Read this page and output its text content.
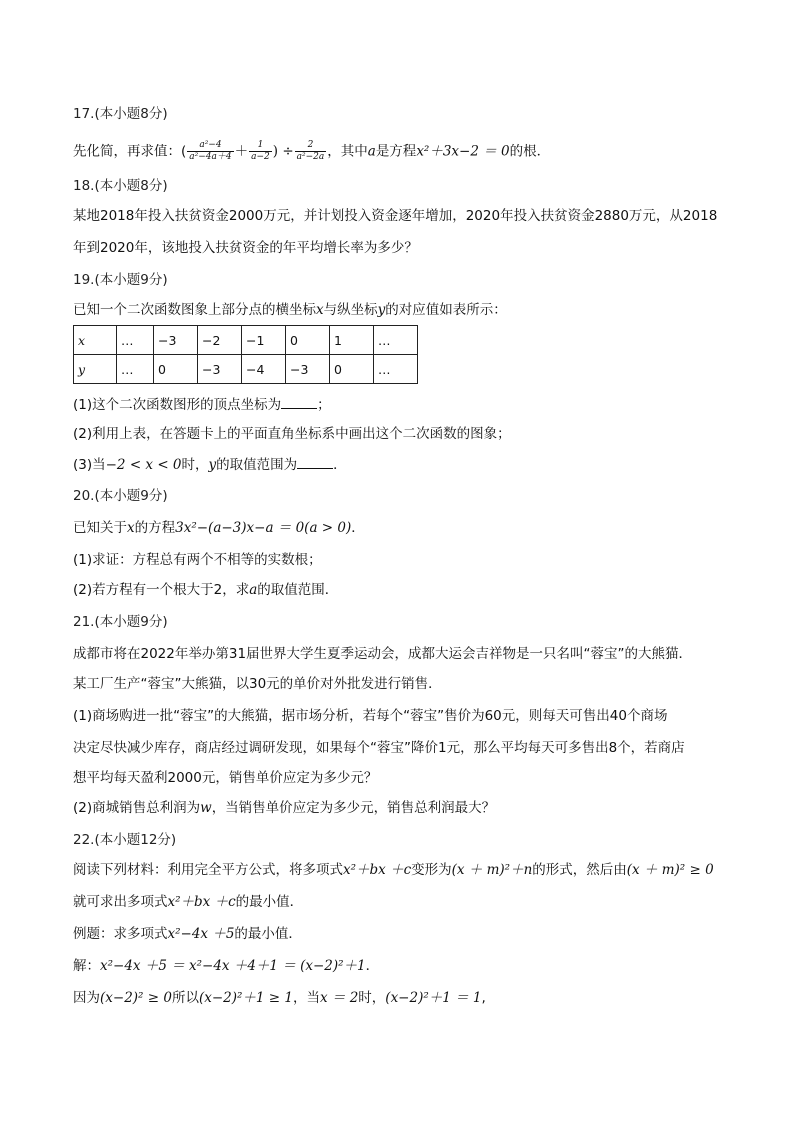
17.(本小题8分)
先化简，再求值：( $\frac{\text{a²−4}}{\text{a²−4a＋4}} + \frac{1}{a-2}$ ) ÷ $\frac{2}{\text{a²−2a}}$ ，其中a是方程x²＋3x−2 ＝ 0的根．
18.(本小题8分)
某地2018年投入扶贫资金2000万元，并计划投入资金逐年增加，2020年投入扶贫资金2880万元，从2018
年到2020年，该地投入扶贫资金的年平均增长率为多少？
19.(本小题9分)
已知一个二次函数图象上部分点的横坐标x与纵坐标y的对应值如表所示：
x	…	−3	−2	−1	0	1	…
y	…	0	−3	−4	−3	0	…
(1)这个二次函数图形的顶点坐标为	；
(2)利用上表，在答题卡上的平面直角坐标系中画出这个二次函数的图象；
(3)当−2 < x < 0时，y的取值范围为	．
20.(本小题9分)
已知关于x的方程3x²−(a−3)x−a ＝ 0(a > 0)．
(1)求证：方程总有两个不相等的实数根；
(2)若方程有一个根大于2，求a的取值范围．
21.(本小题9分)
成都市将在2022年举办第31届世界大学生夏季运动会，成都大运会吉祥物是一只名叫“蓉宝”的大熊猫．
某工厂生产“蓉宝”大熊猫，以30元的单价对外批发进行销售．
(1)商场购进一批“蓉宝”的大熊猫，据市场分析，若每个“蓉宝”售价为60元，则每天可售出40个商场
决定尽快减少库存，商店经过调研发现，如果每个“蓉宝”降价1元，那么平均每天可多售出8个，若商店
想平均每天盈利2000元，销售单价应定为多少元？
(2)商城销售总利润为w，当销售单价应定为多少元，销售总利润最大？
22.(本小题12分)
阅读下列材料：利用完全平方公式，将多项式x²＋bx ＋c变形为(x ＋ m)²＋n的形式，然后由(x ＋ m)² ≥ 0
就可求出多项式x²＋bx ＋c的最小值．
例题：求多项式x²−4x ＋5的最小值．
解：x²−4x ＋5 ＝ x²−4x ＋4＋1 ＝ (x−2)²＋1．
因为(x−2)² ≥ 0所以(x−2)²＋1 ≥ 1，当x ＝ 2时，(x−2)²＋1 ＝ 1,
